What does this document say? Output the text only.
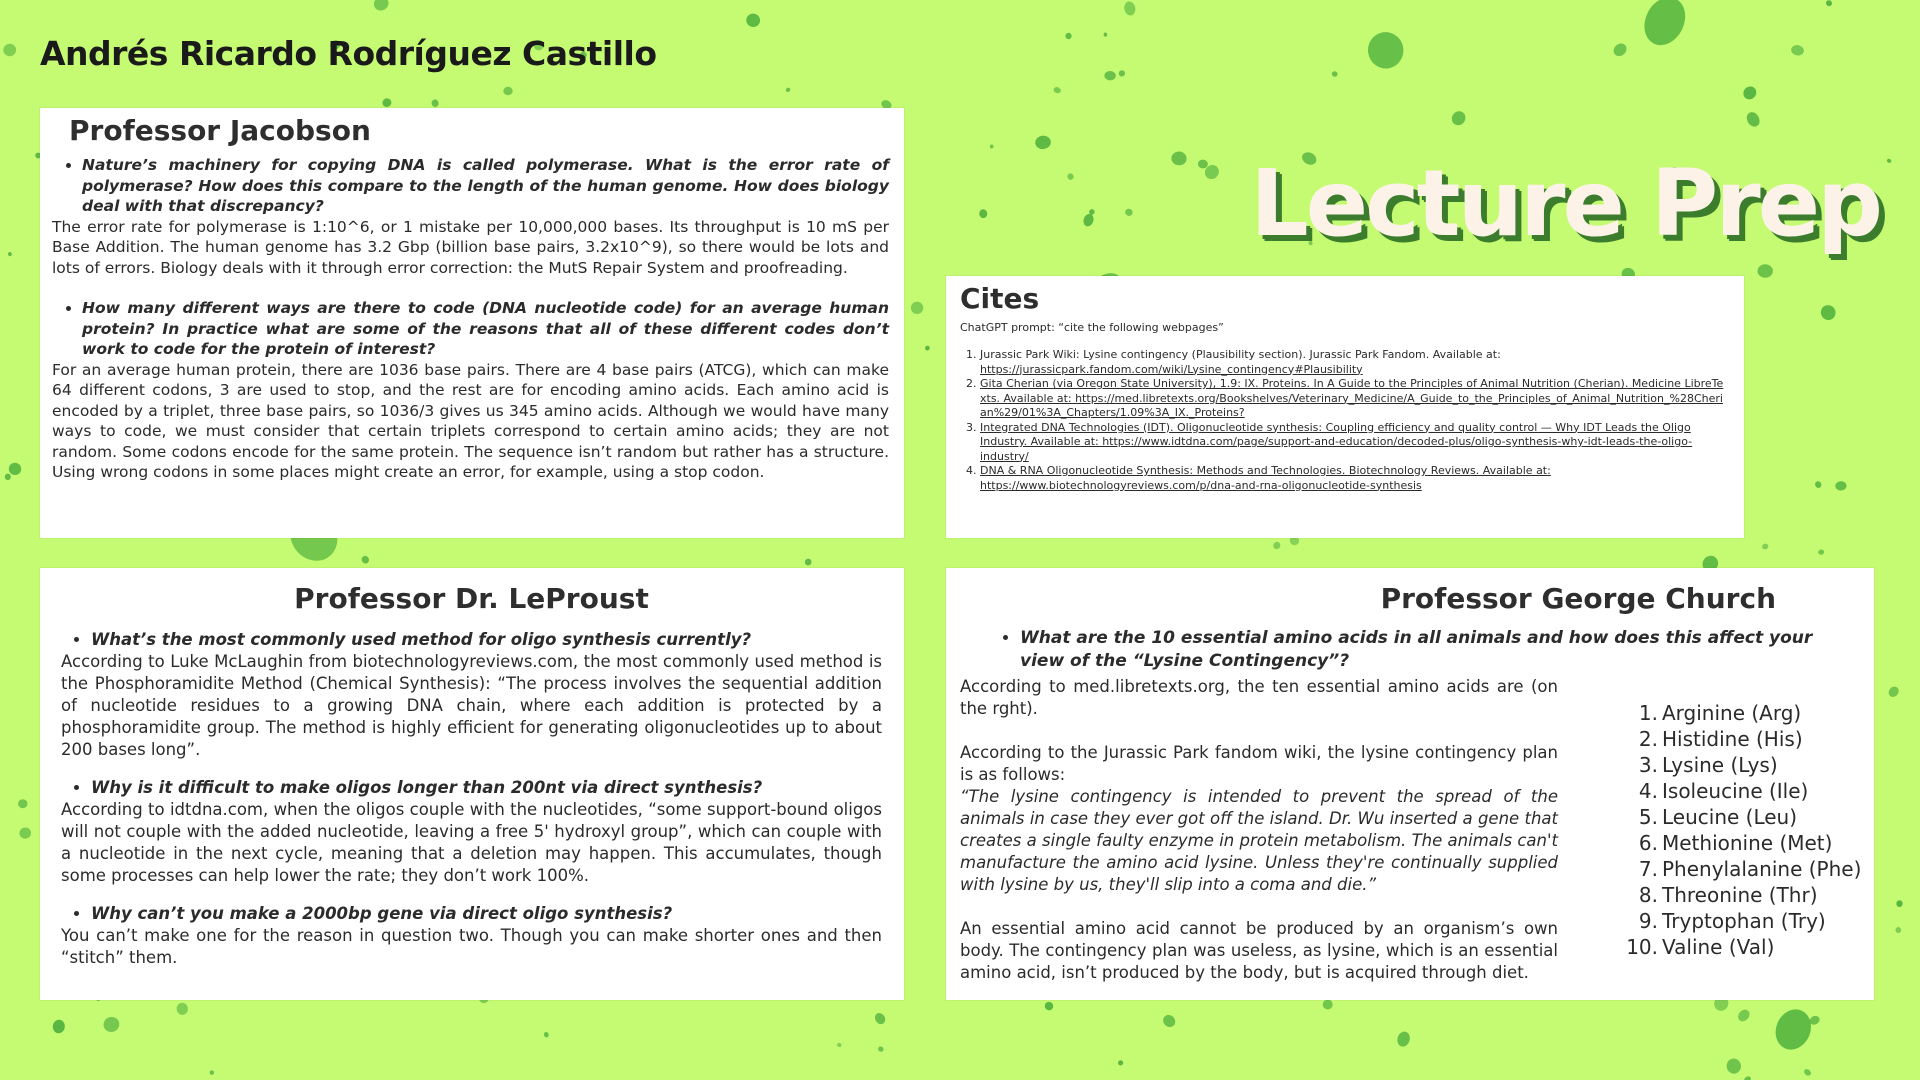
Andrés Ricardo Rodríguez Castillo
Lecture Prep
Professor Jacobson
• Nature’s machinery for copying DNA is called polymerase. What is the error rate of polymerase? How does this compare to the length of the human genome. How does biology deal with that discrepancy?

The error rate for polymerase is 1:10^6, or 1 mistake per 10,000,000 bases. Its throughput is 10 mS per Base Addition. The human genome has 3.2 Gbp (billion base pairs, 3.2x10^9), so there would be lots and lots of errors. Biology deals with it through error correction: the MutS Repair System and proofreading.

• How many different ways are there to code (DNA nucleotide code) for an average human protein? In practice what are some of the reasons that all of these different codes don’t work to code for the protein of interest?

For an average human protein, there are 1036 base pairs. There are 4 base pairs (ATCG), which can make 64 different codons, 3 are used to stop, and the rest are for encoding amino acids. Each amino acid is encoded by a triplet, three base pairs, so 1036/3 gives us 345 amino acids. Although we would have many ways to code, we must consider that certain triplets correspond to certain amino acids; they are not random. Some codons encode for the same protein. The sequence isn’t random but rather has a structure. Using wrong codons in some places might create an error, for example, using a stop codon.

Cites
ChatGPT prompt: “cite the following webpages”
1. Jurassic Park Wiki: Lysine contingency (Plausibility section). Jurassic Park Fandom. Available at:
https://jurassicpark.fandom.com/wiki/Lysine_contingency#Plausibility
2. Gita Cherian (via Oregon State University), 1.9: IX. Proteins. In A Guide to the Principles of Animal Nutrition (Cherian). Medicine LibreTexts. Available at: https://med.libretexts.org/Bookshelves/Veterinary_Medicine/A_Guide_to_the_Principles_of_Animal_Nutrition_%28Cherian%29/01%3A_Chapters/1.09%3A_IX._Proteins?
3. Integrated DNA Technologies (IDT). Oligonucleotide synthesis: Coupling efficiency and quality control — Why IDT Leads the Oligo Industry. Available at: https://www.idtdna.com/page/support-and-education/decoded-plus/oligo-synthesis-why-idt-leads-the-oligo-industry/
4. DNA & RNA Oligonucleotide Synthesis: Methods and Technologies. Biotechnology Reviews. Available at: https://www.biotechnologyreviews.com/p/dna-and-rna-oligonucleotide-synthesis
Professor Dr. LeProust
• What’s the most commonly used method for oligo synthesis currently?

According to Luke McLaughin from biotechnologyreviews.com, the most commonly used method is the Phosphoramidite Method (Chemical Synthesis): “The process involves the sequential addition of nucleotide residues to a growing DNA chain, where each addition is protected by a phosphoramidite group. The method is highly efficient for generating oligonucleotides up to about 200 bases long”.

• Why is it difficult to make oligos longer than 200nt via direct synthesis?

According to idtdna.com, when the oligos couple with the nucleotides, “some support-bound oligos will not couple with the added nucleotide, leaving a free 5' hydroxyl group”, which can couple with a nucleotide in the next cycle, meaning that a deletion may happen. This accumulates, though some processes can help lower the rate; they don’t work 100%.

• Why can’t you make a 2000bp gene via direct oligo synthesis?

You can’t make one for the reason in question two. Though you can make shorter ones and then “stitch” them.

Professor George Church
• What are the 10 essential amino acids in all animals and how does this affect your view of the “Lysine Contingency”?

According to med.libretexts.org, the ten essential amino acids are (on the rght).

According to the Jurassic Park fandom wiki, the lysine contingency plan is as follows:

“The lysine contingency is intended to prevent the spread of the animals in case they ever got off the island. Dr. Wu inserted a gene that creates a single faulty enzyme in protein metabolism. The animals can't manufacture the amino acid lysine. Unless they're continually supplied with lysine by us, they'll slip into a coma and die.”

An essential amino acid cannot be produced by an organism’s own body. The contingency plan was useless, as lysine, which is an essential amino acid, isn’t produced by the body, but is acquired through diet.

1. Arginine (Arg)
2. Histidine (His)
3. Lysine (Lys)
4. Isoleucine (Ile)
5. Leucine (Leu)
6. Methionine (Met)
7. Phenylalanine (Phe)
8. Threonine (Thr)
9. Tryptophan (Try)
10. Valine (Val)
